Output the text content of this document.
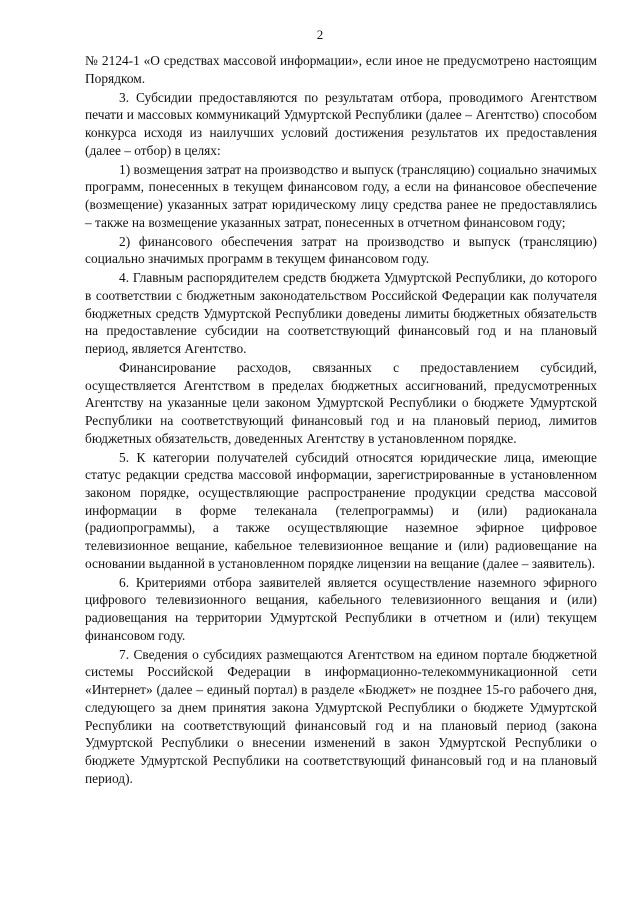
2

№ 2124-1 «О средствах массовой информации», если иное не предусмотрено настоящим Порядком.

3. Субсидии предоставляются по результатам отбора, проводимого Агентством печати и массовых коммуникаций Удмуртской Республики (далее – Агентство) способом конкурса исходя из наилучших условий достижения результатов их предоставления (далее – отбор) в целях:

1) возмещения затрат на производство и выпуск (трансляцию) социально значимых программ, понесенных в текущем финансовом году, а если на финансовое обеспечение (возмещение) указанных затрат юридическому лицу средства ранее не предоставлялись – также на возмещение указанных затрат, понесенных в отчетном финансовом году;

2) финансового обеспечения затрат на производство и выпуск (трансляцию) социально значимых программ в текущем финансовом году.

4. Главным распорядителем средств бюджета Удмуртской Республики, до которого в соответствии с бюджетным законодательством Российской Федерации как получателя бюджетных средств Удмуртской Республики доведены лимиты бюджетных обязательств на предоставление субсидии на соответствующий финансовый год и на плановый период, является Агентство.

Финансирование расходов, связанных с предоставлением субсидий, осуществляется Агентством в пределах бюджетных ассигнований, предусмотренных Агентству на указанные цели законом Удмуртской Республики о бюджете Удмуртской Республики на соответствующий финансовый год и на плановый период, лимитов бюджетных обязательств, доведенных Агентству в установленном порядке.

5. К категории получателей субсидий относятся юридические лица, имеющие статус редакции средства массовой информации, зарегистрированные в установленном законом порядке, осуществляющие распространение продукции средства массовой информации в форме телеканала (телепрограммы) и (или) радиоканала (радиопрограммы), а также осуществляющие наземное эфирное цифровое телевизионное вещание, кабельное телевизионное вещание и (или) радиовещание на основании выданной в установленном порядке лицензии на вещание (далее – заявитель).

6. Критериями отбора заявителей является осуществление наземного эфирного цифрового телевизионного вещания, кабельного телевизионного вещания и (или) радиовещания на территории Удмуртской Республики в отчетном и (или) текущем финансовом году.

7. Сведения о субсидиях размещаются Агентством на едином портале бюджетной системы Российской Федерации в информационно-телекоммуникационной сети «Интернет» (далее – единый портал) в разделе «Бюджет» не позднее 15-го рабочего дня, следующего за днем принятия закона Удмуртской Республики о бюджете Удмуртской Республики на соответствующий финансовый год и на плановый период (закона Удмуртской Республики о внесении изменений в закон Удмуртской Республики о бюджете Удмуртской Республики на соответствующий финансовый год и на плановый период).
